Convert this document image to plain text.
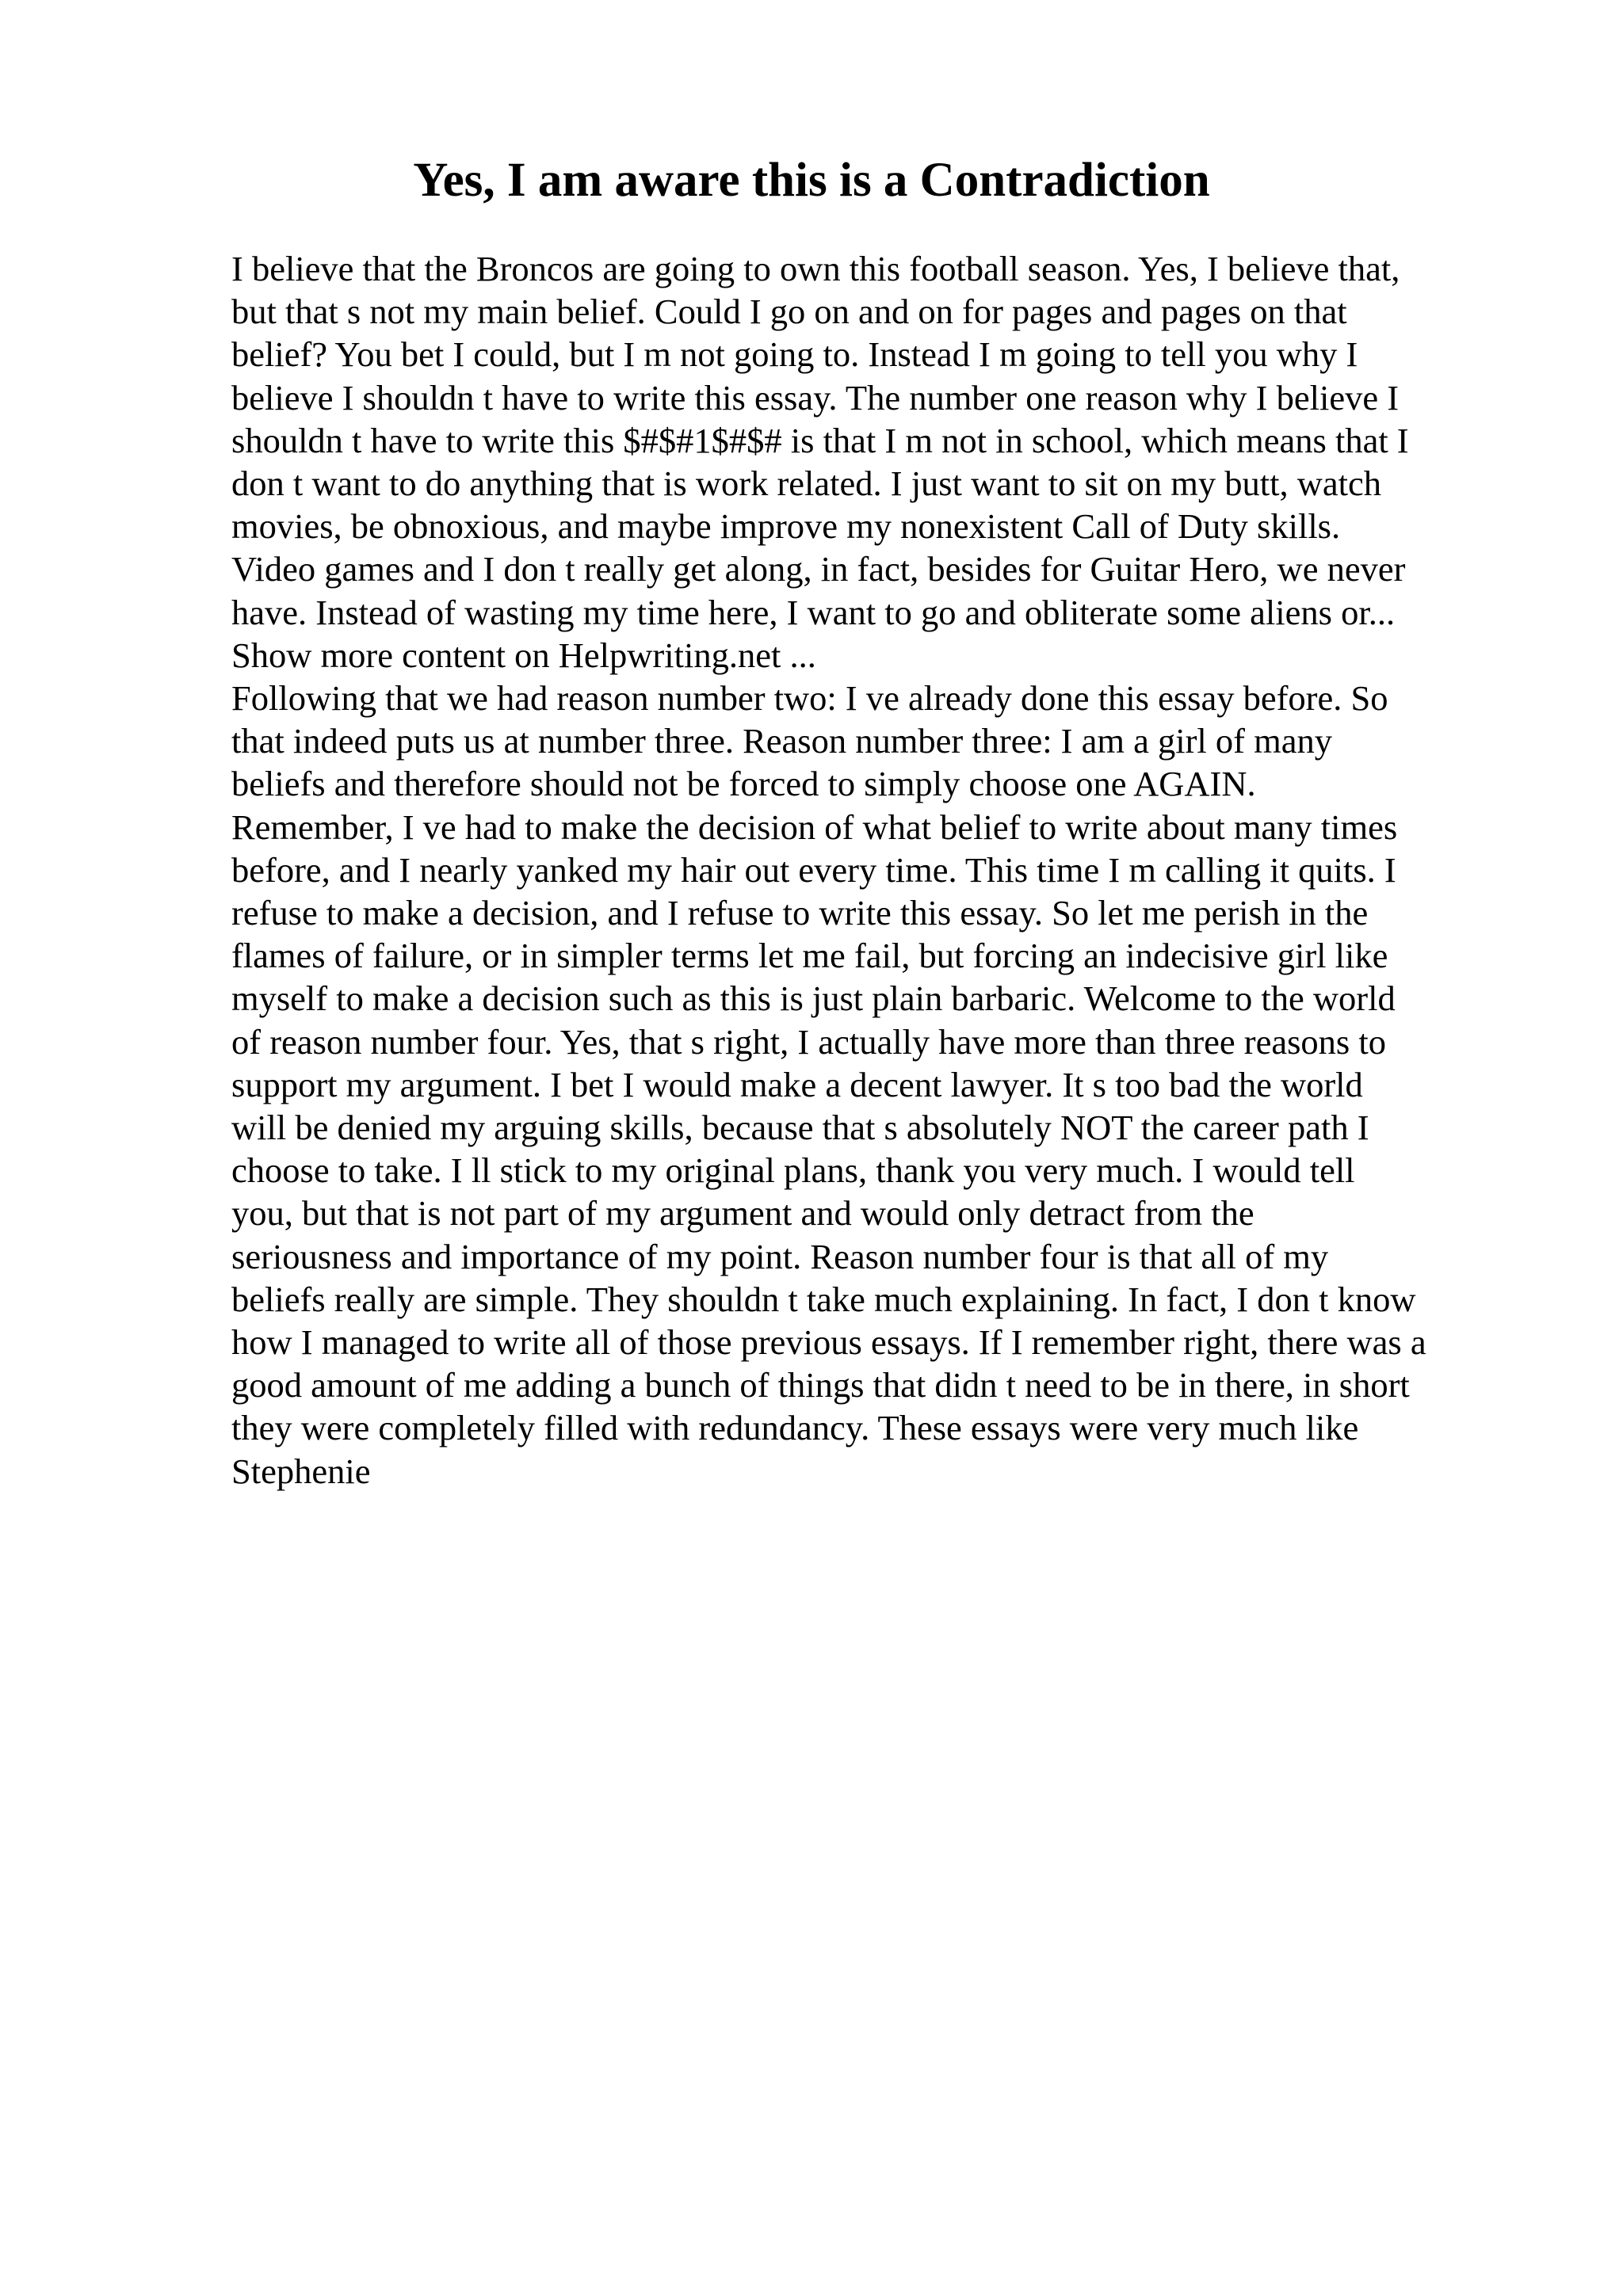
Yes, I am aware this is a Contradiction
I believe that the Broncos are going to own this football season. Yes, I believe that,
but that s not my main belief. Could I go on and on for pages and pages on that
belief? You bet I could, but I m not going to. Instead I m going to tell you why I
believe I shouldn t have to write this essay. The number one reason why I believe I
shouldn t have to write this $#$#1$#$# is that I m not in school, which means that I
don t want to do anything that is work related. I just want to sit on my butt, watch
movies, be obnoxious, and maybe improve my nonexistent Call of Duty skills.
Video games and I don t really get along, in fact, besides for Guitar Hero, we never
have. Instead of wasting my time here, I want to go and obliterate some aliens or...
Show more content on Helpwriting.net ...
Following that we had reason number two: I ve already done this essay before. So
that indeed puts us at number three. Reason number three: I am a girl of many
beliefs and therefore should not be forced to simply choose one AGAIN.
Remember, I ve had to make the decision of what belief to write about many times
before, and I nearly yanked my hair out every time. This time I m calling it quits. I
refuse to make a decision, and I refuse to write this essay. So let me perish in the
flames of failure, or in simpler terms let me fail, but forcing an indecisive girl like
myself to make a decision such as this is just plain barbaric. Welcome to the world
of reason number four. Yes, that s right, I actually have more than three reasons to
support my argument. I bet I would make a decent lawyer. It s too bad the world
will be denied my arguing skills, because that s absolutely NOT the career path I
choose to take. I ll stick to my original plans, thank you very much. I would tell
you, but that is not part of my argument and would only detract from the
seriousness and importance of my point. Reason number four is that all of my
beliefs really are simple. They shouldn t take much explaining. In fact, I don t know
how I managed to write all of those previous essays. If I remember right, there was a
good amount of me adding a bunch of things that didn t need to be in there, in short
they were completely filled with redundancy. These essays were very much like
Stephenie
